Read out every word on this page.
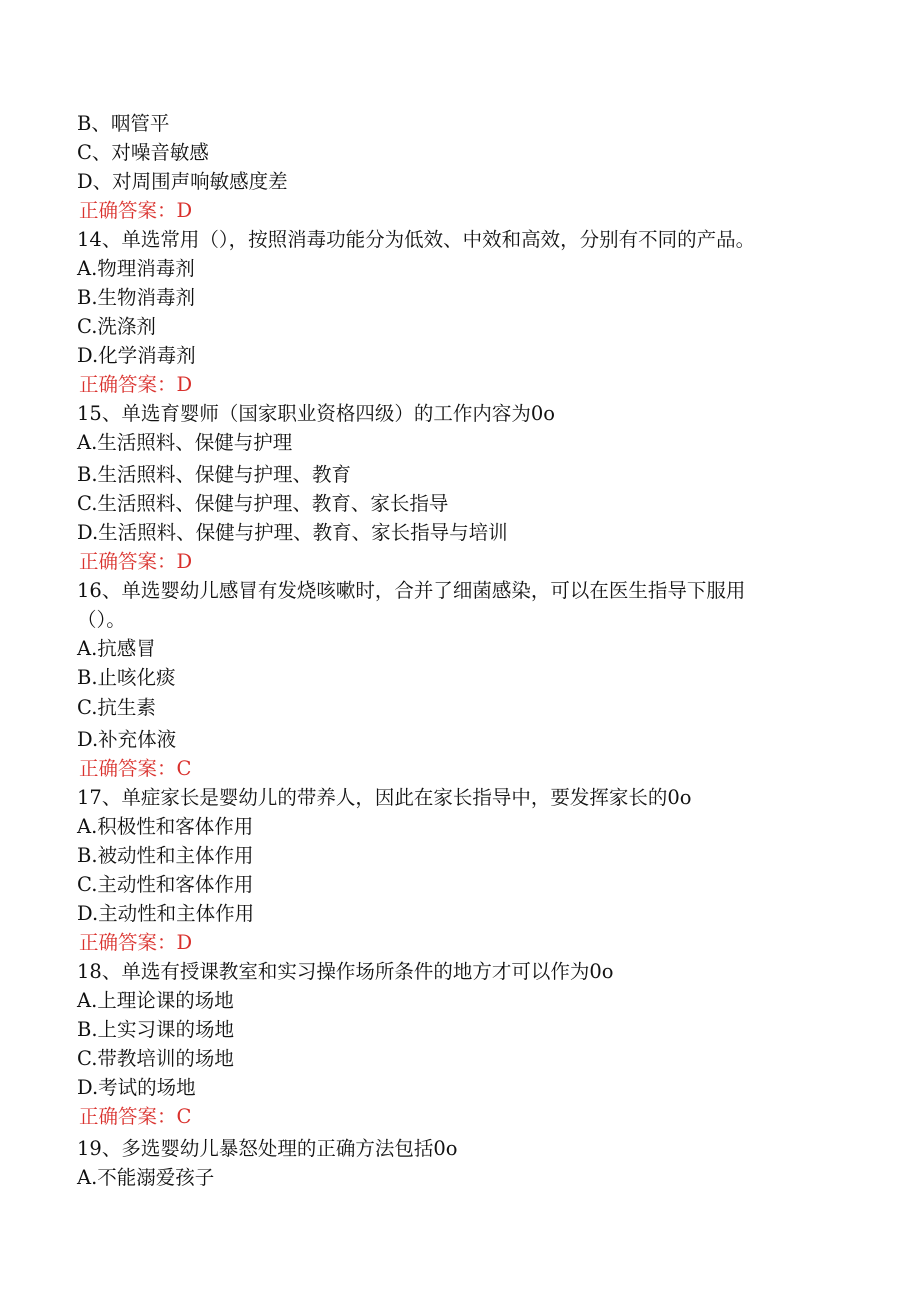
B、咽管平

C、对噪音敏感

D、对周围声响敏感度差

正确答案：D

14、单选常用（），按照消毒功能分为低效、中效和高效，分别有不同的产品。

A.物理消毒剂

B.生物消毒剂

C.洗涤剂

D.化学消毒剂

正确答案：D

15、单选育婴师（国家职业资格四级）的工作内容为0o

A.生活照料、保健与护理

B.生活照料、保健与护理、教育

C.生活照料、保健与护理、教育、家长指导

D.生活照料、保健与护理、教育、家长指导与培训

正确答案：D

16、单选婴幼儿感冒有发烧咳嗽时，合并了细菌感染，可以在医生指导下服用

（）。

A.抗感冒

B.止咳化痰

C.抗生素

D.补充体液

正确答案：C

17、单症家长是婴幼儿的带养人，因此在家长指导中，要发挥家长的0o

A.积极性和客体作用

B.被动性和主体作用

C.主动性和客体作用

D.主动性和主体作用

正确答案：D

18、单选有授课教室和实习操作场所条件的地方才可以作为0o

A.上理论课的场地

B.上实习课的场地

C.带教培训的场地

D.考试的场地

正确答案：C

19、多选婴幼儿暴怒处理的正确方法包括0o

A.不能溺爱孩子
